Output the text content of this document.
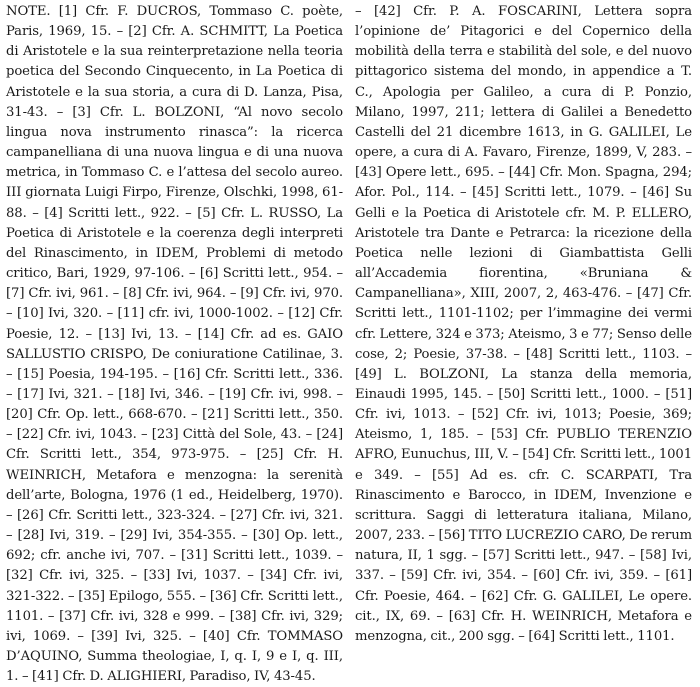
NOTE. [1] Cfr. F. DUCROS, Tommaso C. poète, Paris, 1969, 15. – [2] Cfr. A. SCHMITT, La Poetica di Aristotele e la sua reinterpretazione nella teoria poetica del Secondo Cinquecento, in La Poetica di Aristotele e la sua storia, a cura di D. Lanza, Pisa, 31-43. – [3] Cfr. L. BOLZONI, “Al novo secolo lingua nova instrumento rinasca”: la ricerca campanelliana di una nuova lingua e di una nuova metrica, in Tommaso C. e l’attesa del secolo aureo. III giornata Luigi Firpo, Firenze, Olschki, 1998, 61-88. – [4] Scritti lett., 922. – [5] Cfr. L. RUSSO, La Poetica di Aristotele e la coerenza degli interpreti del Rinascimento, in IDEM, Problemi di metodo critico, Bari, 1929, 97-106. – [6] Scritti lett., 954. – [7] Cfr. ivi, 961. – [8] Cfr. ivi, 964. – [9] Cfr. ivi, 970. – [10] Ivi, 320. – [11] cfr. ivi, 1000-1002. – [12] Cfr. Poesie, 12. – [13] Ivi, 13. – [14] Cfr. ad es. GAIO SALLUSTIO CRISPO, De coniuratione Catilinae, 3. – [15] Poesia, 194-195. – [16] Cfr. Scritti lett., 336. – [17] Ivi, 321. – [18] Ivi, 346. – [19] Cfr. ivi, 998. – [20] Cfr. Op. lett., 668-670. – [21] Scritti lett., 350. – [22] Cfr. ivi, 1043. – [23] Città del Sole, 43. – [24] Cfr. Scritti lett., 354, 973-975. – [25] Cfr. H. WEINRICH, Metafora e menzogna: la serenità dell’arte, Bologna, 1976 (1 ed., Heidelberg, 1970). – [26] Cfr. Scritti lett., 323-324. – [27] Cfr. ivi, 321. – [28] Ivi, 319. – [29] Ivi, 354-355. – [30] Op. lett., 692; cfr. anche ivi, 707. – [31] Scritti lett., 1039. – [32] Cfr. ivi, 325. – [33] Ivi, 1037. – [34] Cfr. ivi, 321-322. – [35] Epilogo, 555. – [36] Cfr. Scritti lett., 1101. – [37] Cfr. ivi, 328 e 999. – [38] Cfr. ivi, 329; ivi, 1069. – [39] Ivi, 325. – [40] Cfr. TOMMASO D’AQUINO, Summa theologiae, I, q. I, 9 e I, q. III, 1. – [41] Cfr. D. ALIGHIERI, Paradiso, IV, 43-45.

– [42] Cfr. P. A. FOSCARINI, Lettera sopra l’opinione de’ Pitagorici e del Copernico della mobilità della terra e stabilità del sole, e del nuovo pittagorico sistema del mondo, in appendice a T. C., Apologia per Galileo, a cura di P. Ponzio, Milano, 1997, 211; lettera di Galilei a Benedetto Castelli del 21 dicembre 1613, in G. GALILEI, Le opere, a cura di A. Favaro, Firenze, 1899, V, 283. – [43] Opere lett., 695. – [44] Cfr. Mon. Spagna, 294; Afor. Pol., 114. – [45] Scritti lett., 1079. – [46] Su Gelli e la Poetica di Aristotele cfr. M. P. ELLERO, Aristotele tra Dante e Petrarca: la ricezione della Poetica nelle lezioni di Giambattista Gelli all’Accademia fiorentina, «Bruniana & Campanelliana», XIII, 2007, 2, 463-476. – [47] Cfr. Scritti lett., 1101-1102; per l’immagine dei vermi cfr. Lettere, 324 e 373; Ateismo, 3 e 77; Senso delle cose, 2; Poesie, 37-38. – [48] Scritti lett., 1103. – [49] L. BOLZONI, La stanza della memoria, Einaudi 1995, 145. – [50] Scritti lett., 1000. – [51] Cfr. ivi, 1013. – [52] Cfr. ivi, 1013; Poesie, 369; Ateismo, 1, 185. – [53] Cfr. PUBLIO TERENZIO AFRO, Eunuchus, III, V. – [54] Cfr. Scritti lett., 1001 e 349. – [55] Ad es. cfr. C. SCARPATI, Tra Rinascimento e Barocco, in IDEM, Invenzione e scrittura. Saggi di letteratura italiana, Milano, 2007, 233. – [56] TITO LUCREZIO CARO, De rerum natura, II, 1 sgg. – [57] Scritti lett., 947. – [58] Ivi, 337. – [59] Cfr. ivi, 354. – [60] Cfr. ivi, 359. – [61] Cfr. Poesie, 464. – [62] Cfr. G. GALILEI, Le opere. cit., IX, 69. – [63] Cfr. H. WEINRICH, Metafora e menzogna, cit., 200 sgg. – [64] Scritti lett., 1101.
